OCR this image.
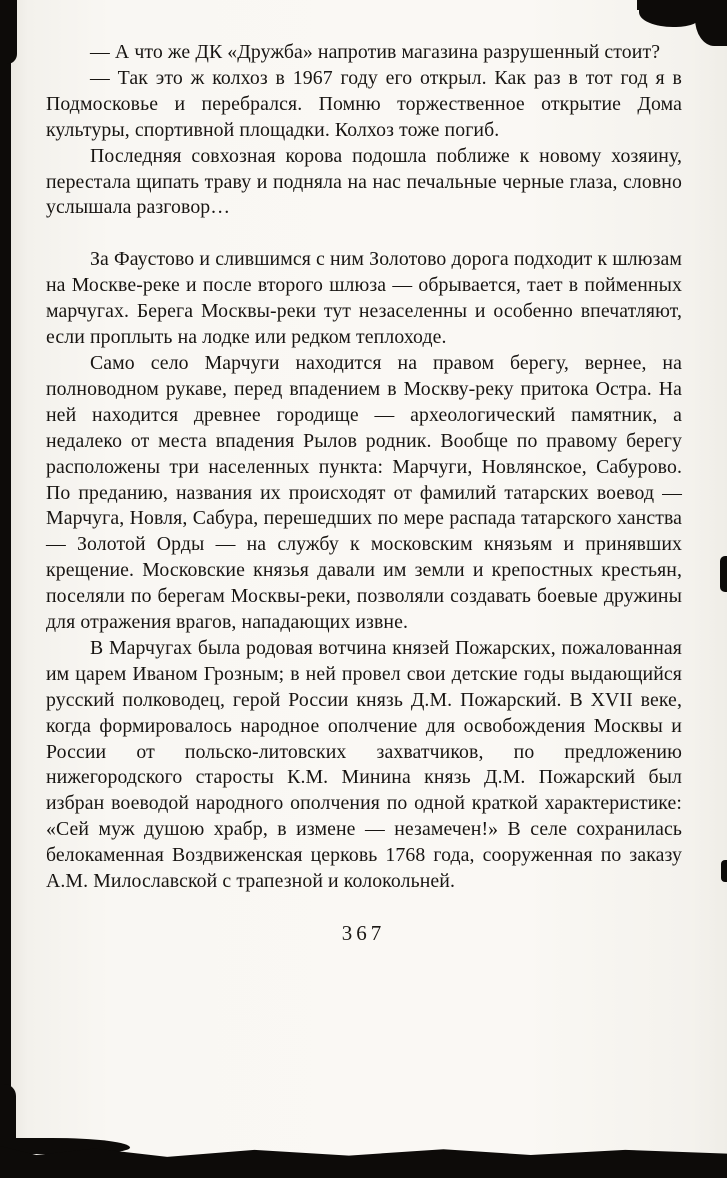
— А что же ДК «Дружба» напротив магазина разрушенный стоит?

— Так это ж колхоз в 1967 году его открыл. Как раз в тот год я в Подмосковье и перебрался. Помню торжественное открытие Дома культуры, спортивной площадки. Колхоз тоже погиб.

Последняя совхозная корова подошла поближе к новому хозяину, перестала щипать траву и подняла на нас печальные черные глаза, словно услышала разговор…

За Фаустово и слившимся с ним Золотово дорога подходит к шлюзам на Москве-реке и после второго шлюза — обрывается, тает в пойменных марчугах. Берега Москвы-реки тут незаселенны и особенно впечатляют, если проплыть на лодке или редком теплоходе.

Само село Марчуги находится на правом берегу, вернее, на полноводном рукаве, перед впадением в Москву-реку притока Остра. На ней находится древнее городище — археологический памятник, а недалеко от места впадения Рылов родник. Вообще по правому берегу расположены три населенных пункта: Марчуги, Новлянское, Сабурово. По преданию, названия их происходят от фамилий татарских воевод — Марчуга, Новля, Сабура, перешедших по мере распада татарского ханства — Золотой Орды — на службу к московским князьям и принявших крещение. Московские князья давали им земли и крепостных крестьян, поселяли по берегам Москвы-реки, позволяли создавать боевые дружины для отражения врагов, нападающих извне.

В Марчугах была родовая вотчина князей Пожарских, пожалованная им царем Иваном Грозным; в ней провел свои детские годы выдающийся русский полководец, герой России князь Д.М. Пожарский. В XVII веке, когда формировалось народное ополчение для освобождения Москвы и России от польско-литовских захватчиков, по предложению нижегородского старосты К.М. Минина князь Д.М. Пожарский был избран воеводой народного ополчения по одной краткой характеристике: «Сей муж душою храбр, в измене — незамечен!» В селе сохранилась белокаменная Воздвиженская церковь 1768 года, сооруженная по заказу А.М. Милославской с трапезной и колокольней.

367
